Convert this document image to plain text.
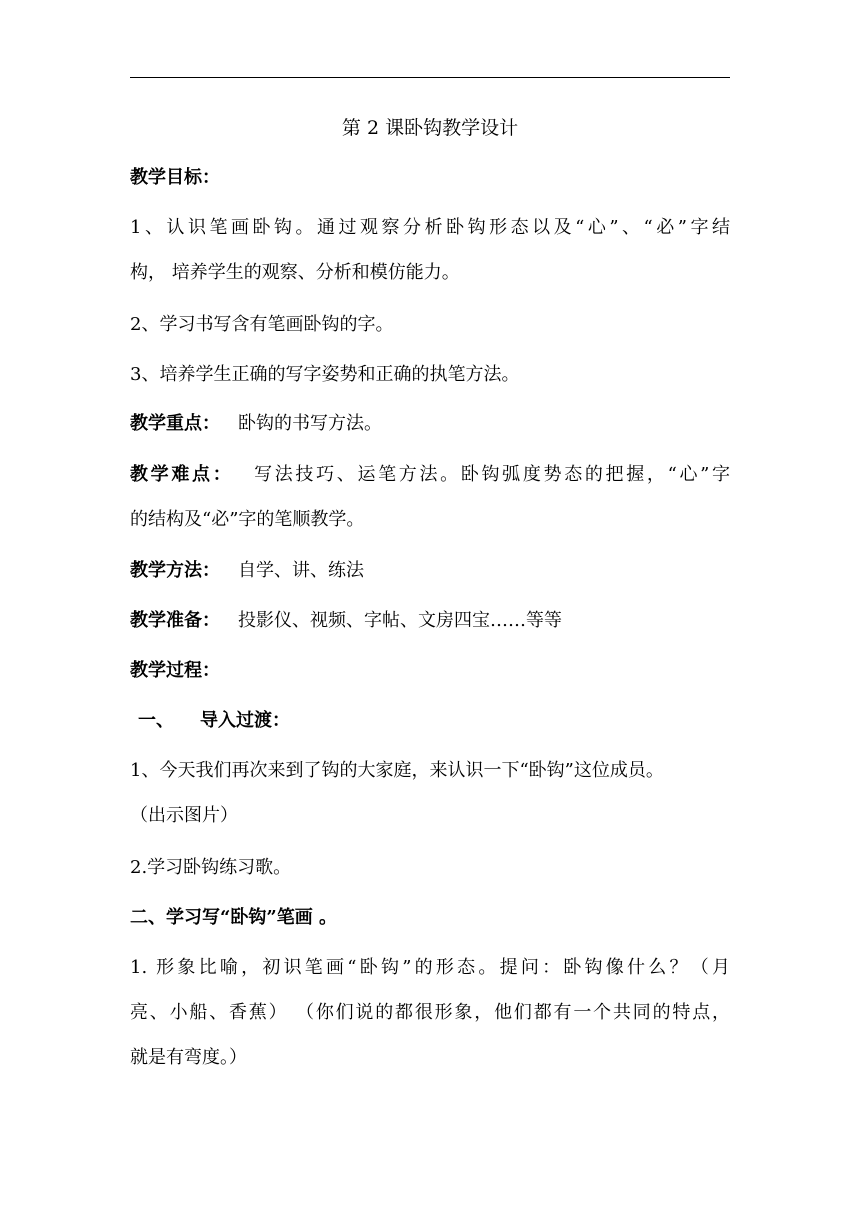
第 2 课卧钩教学设计
教学目标：
1、认识笔画卧钩。通过观察分析卧钩形态以及“心”、“必”字结
构， 培养学生的观察、分析和模仿能力。
2、学习书写含有笔画卧钩的字。
3、培养学生正确的写字姿势和正确的执笔方法。
教学重点： 卧钩的书写方法。
教学难点： 写法技巧、运笔方法。卧钩弧度势态的把握，“心”字
的结构及“必”字的笔顺教学。
教学方法： 自学、讲、练法
教学准备： 投影仪、视频、字帖、文房四宝……等等
教学过程：
一、 导入过渡：
1、今天我们再次来到了钩的大家庭，来认识一下“卧钩”这位成员。
（出示图片）
2.学习卧钩练习歌。
二、学习写“卧钩”笔画 。
1. 形象比喻，初识笔画“卧钩”的形态。提问：卧钩像什么？（月
亮、小船、香蕉） （你们说的都很形象，他们都有一个共同的特点，
就是有弯度。）
